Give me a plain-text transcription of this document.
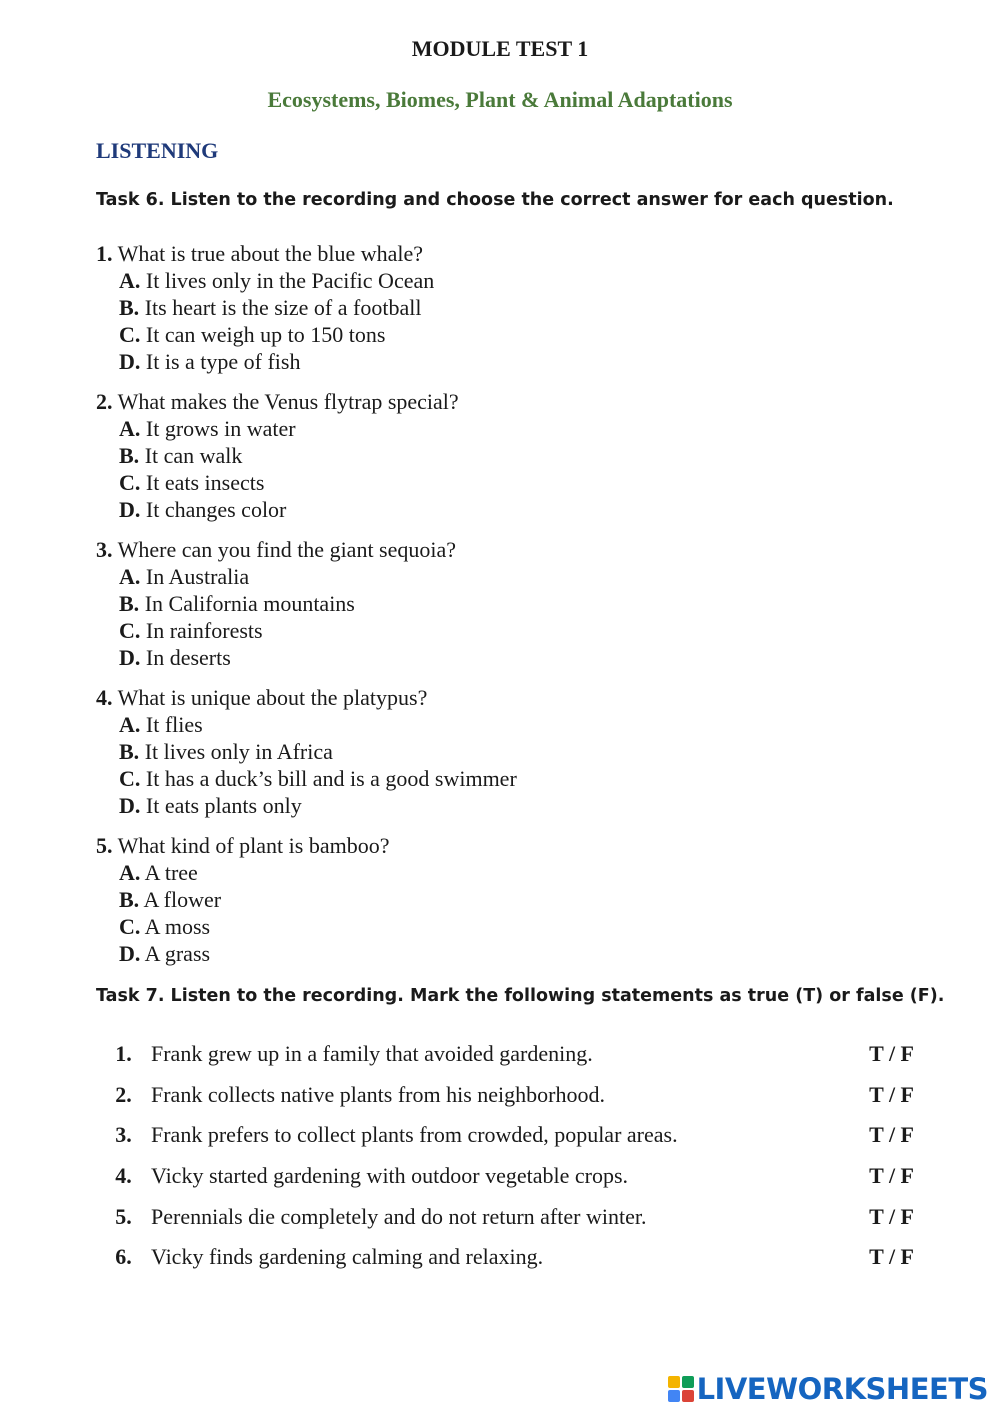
MODULE TEST 1
Ecosystems, Biomes, Plant & Animal Adaptations
LISTENING

Task 6. Listen to the recording and choose the correct answer for each question.

1. What is true about the blue whale?
A. It lives only in the Pacific Ocean
B. Its heart is the size of a football
C. It can weigh up to 150 tons
D. It is a type of fish
2. What makes the Venus flytrap special?
A. It grows in water
B. It can walk
C. It eats insects
D. It changes color
3. Where can you find the giant sequoia?
A. In Australia
B. In California mountains
C. In rainforests
D. In deserts
4. What is unique about the platypus?
A. It flies
B. It lives only in Africa
C. It has a duck’s bill and is a good swimmer
D. It eats plants only
5. What kind of plant is bamboo?
A. A tree
B. A flower
C. A moss
D. A grass

Task 7. Listen to the recording. Mark the following statements as true (T) or false (F).

1.	Frank grew up in a family that avoided gardening.	T / F
2.	Frank collects native plants from his neighborhood.	T / F
3.	Frank prefers to collect plants from crowded, popular areas.	T / F
4.	Vicky started gardening with outdoor vegetable crops.	T / F
5.	Perennials die completely and do not return after winter.	T / F
6.	Vicky finds gardening calming and relaxing.	T / F
LIVEWORKSHEETS
